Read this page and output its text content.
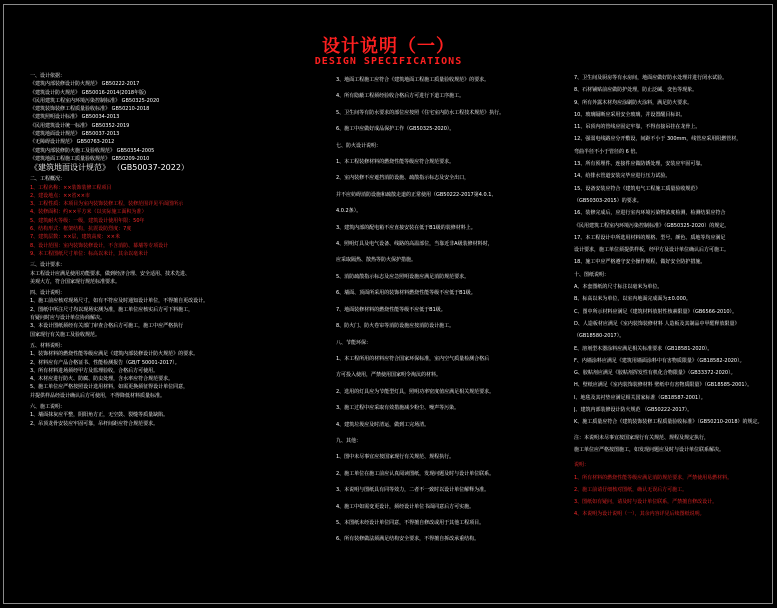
设计说明（一）
DESIGN SPECIFICATIONS
一、设计依据：
《建筑内部装修设计防火规范》 GB50222-2017
《建筑设计防火规范》 GB50016-2014(2018年版)
《民用建筑工程室内环境污染控制标准》 GB50325-2020
《建筑装饰装修工程质量验收标准》 GB50210-2018
《建筑照明设计标准》 GB50034-2013
《民用建筑设计统一标准》 GB50352-2019
《建筑地面设计规范》 GB50037-2013
《无障碍设计规范》 GB50763-2012
《建筑内部装修防火施工及验收规范》 GB50354-2005
《建筑地面工程施工质量验收规范》 GB50209-2010
《建筑地面设计规范》 （GB50037-2022）
二、工程概况：
1、工程名称：××装饰装修工程项目
2、建设地点：××省××市
3、工程性质：本项目为室内装饰装修工程，装修范围详见平面图所示
4、装修面积：约××平方米（以实际施工面积为准）
5、建筑耐火等级：一级，建筑设计使用年限：50年
6、结构形式：框架结构，抗震设防烈度：7度
7、建筑层数：××层，建筑高度：××米
8、设计范围：室内装饰装修设计，不含消防、幕墙等专项设计
9、本工程图纸尺寸单位：标高以米计，其余以毫米计
三、设计要求：
本工程设计应满足使用功能要求，做到经济合理、安全适用、技术先进、
美观大方，符合国家现行规范标准要求。
四、设计说明：
1、施工前应核对现场尺寸，如有不符应及时通知设计单位，不得擅自更改设计。
2、图纸中所注尺寸均以现场实测为准，施工单位应核实后方可下料施工，
有疑问时应与设计单位协商解决。
3、本设计图纸须经有关部门审查合格后方可施工，施工中应严格执行
国家现行有关施工及验收规范。
五、材料说明：
1、装饰材料的燃烧性能等级应满足《建筑内部装修设计防火规范》的要求。
2、材料应有产品合格证书、性能检测报告（GB/T 50001-2017）。
3、所有材料进场须经甲方及监理验收，合格后方可使用。
4、木材应进行防火、防腐、防虫处理，含水率应符合规范要求。
5、施工单位应严格按照设计选用材料，如需更换须征得设计单位同意，
并提供样品经设计确认后方可使用，不得降低材料质量标准。
六、施工说明：
1、墙面抹灰应平整，阴阳角方正，无空鼓、裂缝等质量缺陷。
2、吊顶龙骨安装应牢固可靠，吊杆间距应符合规范要求。
3、地面工程施工应符合《建筑地面工程施工质量验收规范》的要求。
4、所有隐蔽工程须经验收合格后方可进行下道工序施工。
5、卫生间等有防水要求的部位应按照《住宅室内防水工程技术规范》执行。
6、施工中应做好成品保护工作（GB50325-2020）。
七、防火设计说明：
1、本工程装修材料的燃烧性能等级应符合规范要求。
2、室内装修不应遮挡消防设施、疏散指示标志及安全出口，
并不应妨碍消防设施和疏散走道的正常使用（GB50222-2017第4.0.1、
4.0.2条）。
3、建筑内部的配电箱不应直接安装在低于B1级的装修材料上。
4、照明灯具及电气设备、线路的高温部位，当靠近非A级装修材料时，
应采取隔热、散热等防火保护措施。
5、消防疏散指示标志及应急照明设施应满足消防规范要求。
6、墙面、顶面所采用的装饰材料燃烧性能等级不应低于B1级。
7、地面装修材料的燃烧性能等级不应低于B1级。
8、防火门、防火卷帘等消防设施应按消防设计施工。
八、节能环保：
1、本工程所用的材料应符合国家环保标准，室内空气质量检测合格后
方可投入使用，严禁使用国家明令淘汰的材料。
2、选用的灯具应为节能型灯具，照明功率密度值应满足相关规范要求。
3、施工过程中应采取有效措施减少粉尘、噪声等污染。
4、建筑垃圾应及时清运，做到工完场清。
九、其他：
1、图中未尽事宜应按国家现行有关规范、规程执行。
2、施工单位在施工前应认真阅读图纸，发现问题及时与设计单位联系。
3、本说明与图纸具有同等效力，二者不一致时以设计单位解释为准。
4、施工中如需变更设计，须经设计单位书面同意后方可实施。
5、本图纸未经设计单位同意，不得擅自修改或用于其他工程项目。
6、所有装修做法须满足结构安全要求，不得擅自拆改承重结构。
7、卫生间及厨房等有水房间，地面应做好防水处理并进行闭水试验。
8、石材铺贴前应做防护处理，防止泛碱、变色等现象。
9、所有外露木材均应涂刷防火涂料，满足防火要求。
10、玻璃隔断应采用安全玻璃，并设置醒目标识。
11、吊顶内的管线应固定牢靠，不得直接吊挂在龙骨上。
12、强弱电线路应分开敷设，间距不小于 300mm，线管应采用阻燃管材，
弯曲半径不小于管径的 6 倍。
13、所有预埋件、连接件应做防锈处理，安装应牢固可靠。
14、给排水管道安装完毕应进行压力试验。
15、设备安装应符合《建筑电气工程施工质量验收规范》
（GB50303-2015）的要求。
16、装修完成后，应进行室内环境污染物浓度检测，检测结果应符合
《民用建筑工程室内环境污染控制标准》（GB50325-2020）的规定。
17、本工程设计中所选用材料的规格、型号、颜色、质地等均应满足
设计要求，施工单位须提供样板，经甲方及设计单位确认后方可施工。
18、施工中应严格遵守安全操作规程，做好安全防护措施。
十、图纸说明：
A、本套图纸的尺寸标注以毫米为单位。
B、标高以米为单位，以室内地面完成面为±0.000。
C、图中所示材料应满足《建筑材料放射性核素限量》（GB6566-2010）。
D、人造板材应满足《室内装饰装修材料 人造板及其制品中甲醛释放限量》
（GB18580-2017）。
E、溶剂型木器涂料应满足相关标准要求（GB18581-2020）。
F、内墙涂料应满足《建筑用墙面涂料中有害物质限量》（GB18582-2020）。
G、胶粘剂应满足《胶粘剂挥发性有机化合物限量》（GB33372-2020）。
H、壁纸应满足《室内装饰装修材料 壁纸中有害物质限量》（GB18585-2001）。
I、地毯及其衬垫应满足相关国家标准（GB18587-2001）。
J、建筑内部装修设计防火规范 （GB50222-2017）。
K、施工质量应符合《建筑装饰装修工程质量验收标准》（GB50210-2018）的规定。
注：本说明未尽事宜按国家现行有关规范、规程及规定执行，
施工单位应严格按图施工，如发现问题应及时与设计单位联系解决。
说明：
1、所有材料的燃烧性能等级应满足消防规范要求，严禁使用易燃材料。
2、施工前请仔细核对图纸，确认无误后方可施工。
3、图纸如有疑问，请及时与设计单位联系，严禁擅自修改设计。
4、本说明为设计说明（一），其余内容详见后续图纸说明。
